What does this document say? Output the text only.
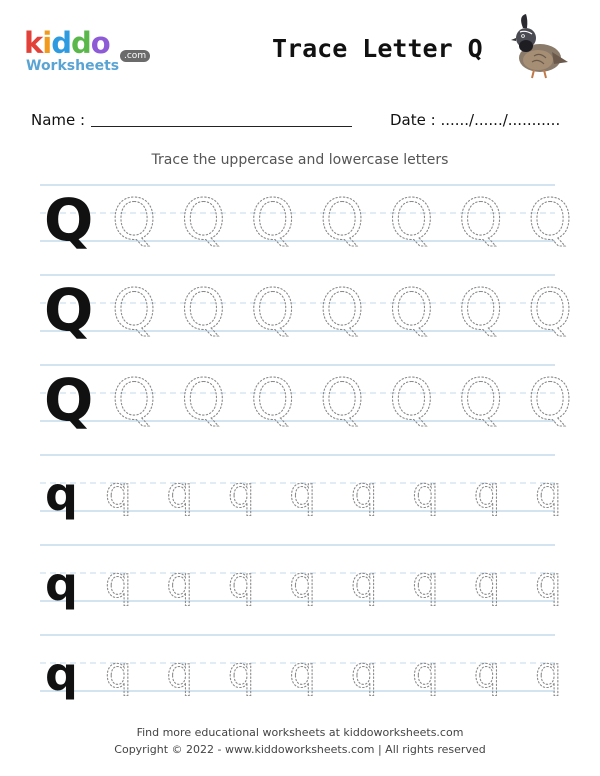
kiddo	.com
Worksheets
Trace Letter Q
Name :	Date : ....../....../...........
Trace the uppercase and lowercase letters
Q Q Q Q Q Q Q Q
Q Q Q Q Q Q Q Q
Q Q Q Q Q Q Q Q
q q q q q q q q q
q q q q q q q q q
q q q q q q q q q
Find more educational worksheets at kiddoworksheets.com
Copyright © 2022 - www.kiddoworksheets.com | All rights reserved
